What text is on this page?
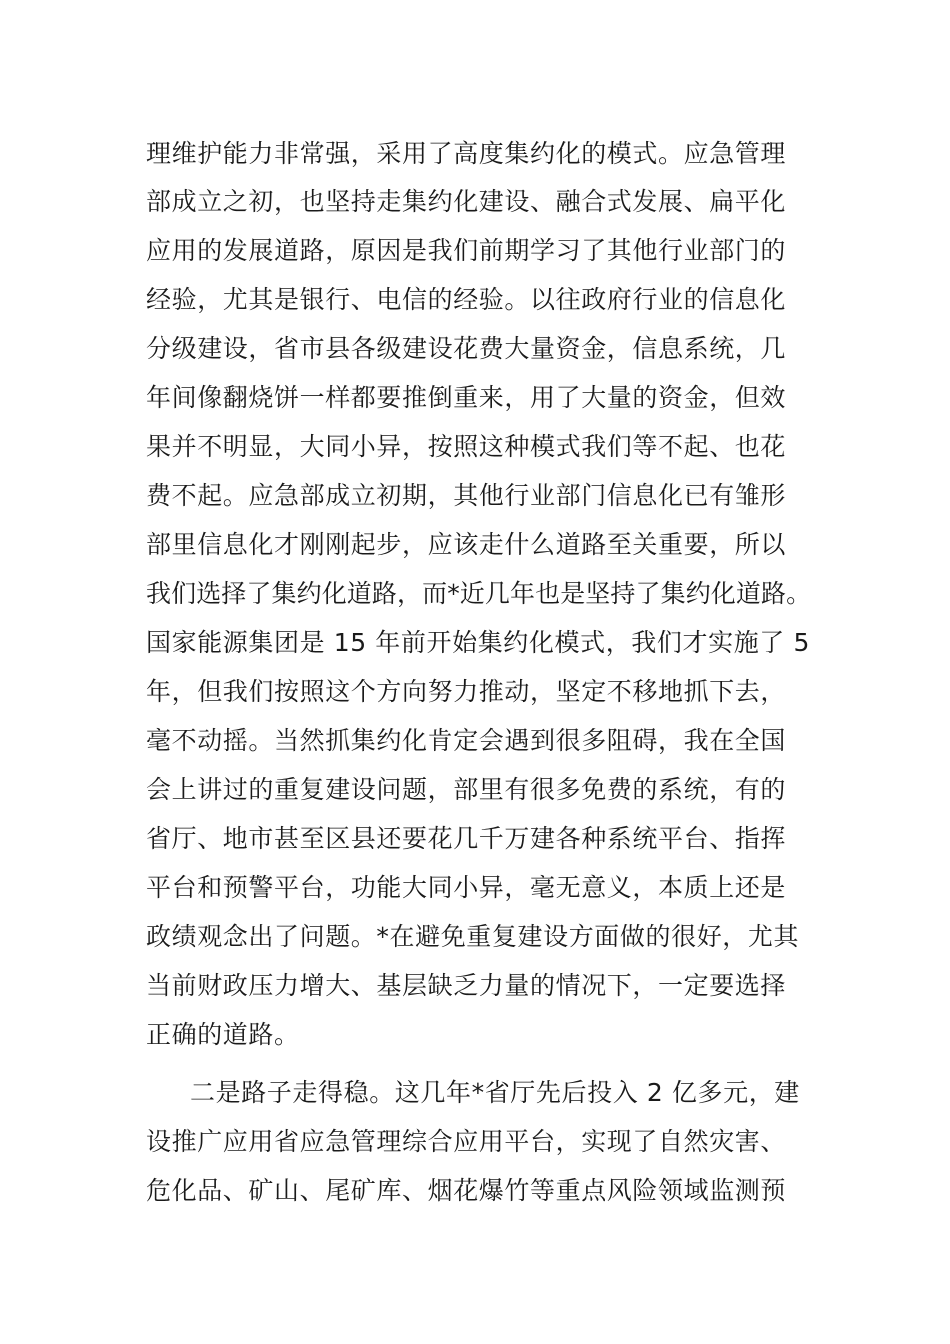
理维护能力非常强，采用了高度集约化的模式。应急管理
部成立之初，也坚持走集约化建设、融合式发展、扁平化
应用的发展道路，原因是我们前期学习了其他行业部门的
经验，尤其是银行、电信的经验。以往政府行业的信息化
分级建设，省市县各级建设花费大量资金，信息系统，几
年间像翻烧饼一样都要推倒重来，用了大量的资金，但效
果并不明显，大同小异，按照这种模式我们等不起、也花
费不起。应急部成立初期，其他行业部门信息化已有雏形
部里信息化才刚刚起步，应该走什么道路至关重要，所以
我们选择了集约化道路，而*近几年也是坚持了集约化道路。
国家能源集团是 15 年前开始集约化模式，我们才实施了 5
年，但我们按照这个方向努力推动，坚定不移地抓下去，
毫不动摇。当然抓集约化肯定会遇到很多阻碍，我在全国
会上讲过的重复建设问题，部里有很多免费的系统，有的
省厅、地市甚至区县还要花几千万建各种系统平台、指挥
平台和预警平台，功能大同小异，毫无意义，本质上还是
政绩观念出了问题。*在避免重复建设方面做的很好，尤其
当前财政压力增大、基层缺乏力量的情况下，一定要选择
正确的道路。
二是路子走得稳。这几年*省厅先后投入 2 亿多元，建
设推广应用省应急管理综合应用平台，实现了自然灾害、
危化品、矿山、尾矿库、烟花爆竹等重点风险领域监测预
